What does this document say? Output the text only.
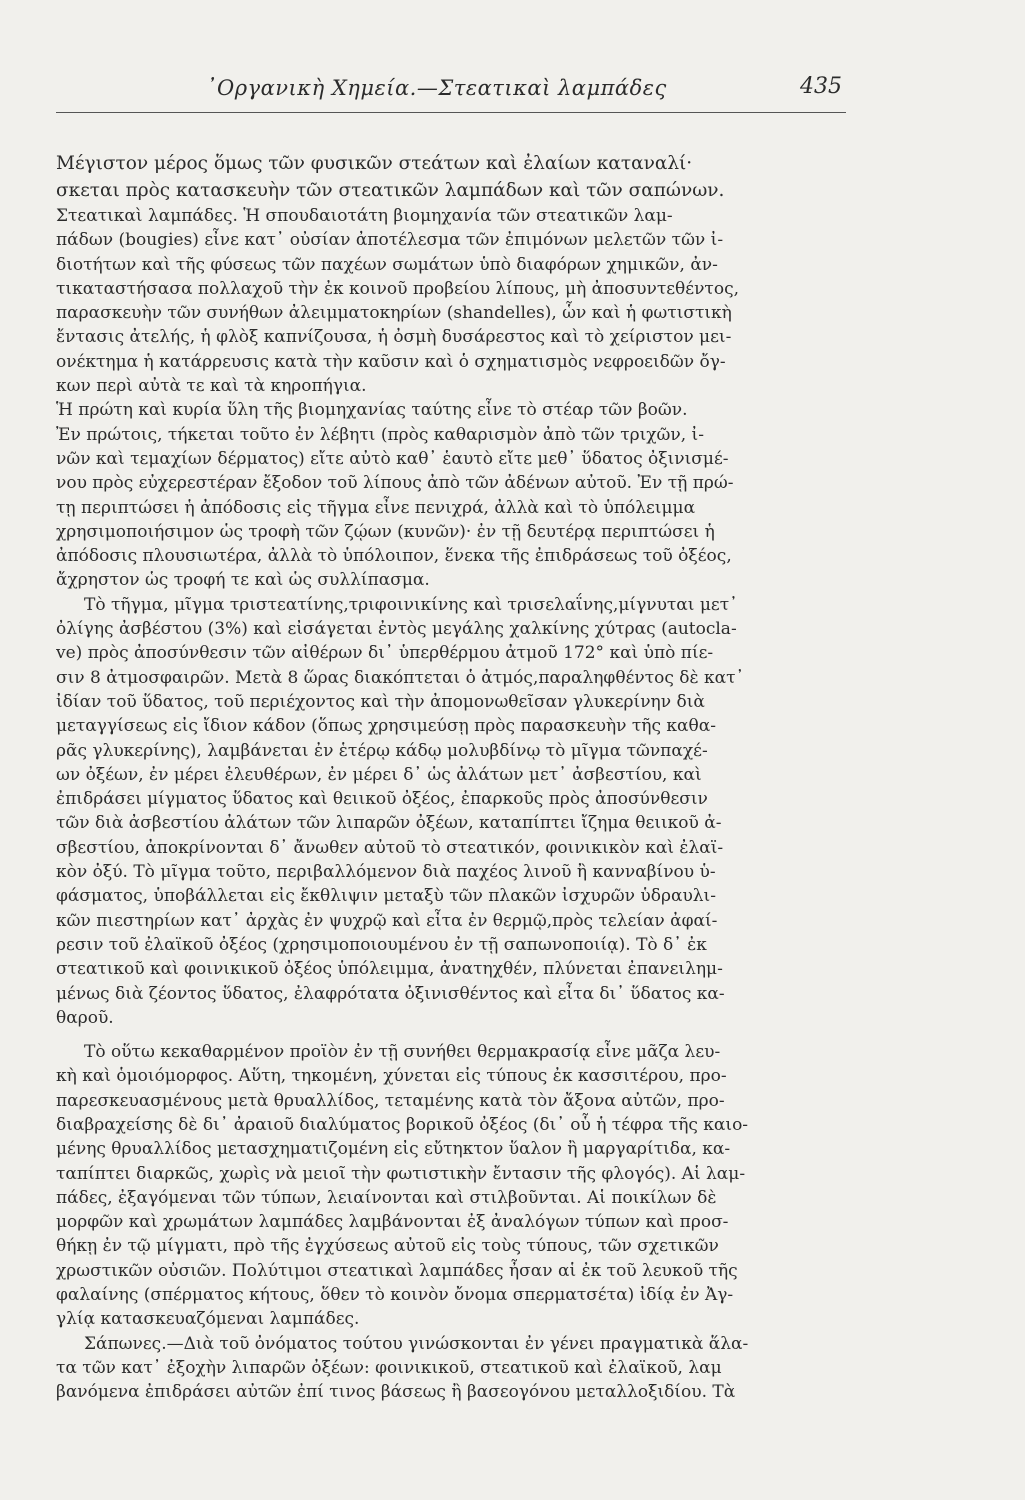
᾿Οργανικὴ Χημεία.—Στεατικαὶ λαμπάδες	435
Μέγιστον μέρος ὅμως τῶν φυσικῶν στεάτων καὶ ἐλαίων καταναλί·
σκεται πρὸς κατασκευὴν τῶν στεατικῶν λαμπάδων καὶ τῶν σαπώνων.
Στεατικαὶ λαμπάδες. Ἡ σπουδαιοτάτη βιομηχανία τῶν στεατικῶν λαμ-
πάδων (bougies) εἶνε κατ᾿ οὐσίαν ἀποτέλεσμα τῶν ἐπιμόνων μελετῶν τῶν ἰ-
διοτήτων καὶ τῆς φύσεως τῶν παχέων σωμάτων ὑπὸ διαφόρων χημικῶν, ἀν-
τικαταστήσασα πολλαχοῦ τὴν ἐκ κοινοῦ προβείου λίπους, μὴ ἀποσυντεθέντος,
παρασκευὴν τῶν συνήθων ἀλειμματοκηρίων (shandelles), ὧν καὶ ἡ φωτιστικὴ
ἔντασις ἀτελής, ἡ φλὸξ καπνίζουσα, ἡ ὀσμὴ δυσάρεστος καὶ τὸ χείριστον μει-
ονέκτημα ἡ κατάρρευσις κατὰ τὴν καῦσιν καὶ ὁ σχηματισμὸς νεφροειδῶν ὄγ-
κων περὶ αὐτὰ τε καὶ τὰ κηροπήγια.
Ἡ πρώτη καὶ κυρία ὕλη τῆς βιομηχανίας ταύτης εἶνε τὸ στέαρ τῶν βοῶν.
Ἐν πρώτοις, τήκεται τοῦτο ἐν λέβητι (πρὸς καθαρισμὸν ἀπὸ τῶν τριχῶν, ἰ-
νῶν καὶ τεμαχίων δέρματος) εἴτε αὐτὸ καθ᾿ ἑαυτὸ εἴτε μεθ᾿ ὕδατος ὀξινισμέ-
νου πρὸς εὐχερεστέραν ἔξοδον τοῦ λίπους ἀπὸ τῶν ἀδένων αὐτοῦ. Ἐν τῇ πρώ-
τῃ περιπτώσει ἡ ἀπόδοσις εἰς τῆγμα εἶνε πενιχρά, ἀλλὰ καὶ τὸ ὑπόλειμμα
χρησιμοποιήσιμον ὡς τροφὴ τῶν ζῴων (κυνῶν)· ἐν τῇ δευτέρᾳ περιπτώσει ἡ
ἀπόδοσις πλουσιωτέρα, ἀλλὰ τὸ ὑπόλοιπον, ἕνεκα τῆς ἐπιδράσεως τοῦ ὀξέος,
ἄχρηστον ὡς τροφή τε καὶ ὡς συλλίπασμα.
Τὸ τῆγμα, μῖγμα τριστεατίνης,τριφοινικίνης καὶ τρισελαΐνης,μίγνυται μετ᾿
ὀλίγης ἀσβέστου (3%) καὶ εἰσάγεται ἐντὸς μεγάλης χαλκίνης χύτρας (autocla-
ve) πρὸς ἀποσύνθεσιν τῶν αἰθέρων δι᾿ ὑπερθέρμου ἀτμοῦ 172° καὶ ὑπὸ πίε-
σιν 8 ἀτμοσφαιρῶν. Μετὰ 8 ὥρας διακόπτεται ὁ ἀτμός,παραληφθέντος δὲ κατ᾿
ἰδίαν τοῦ ὕδατος, τοῦ περιέχοντος καὶ τὴν ἀπομονωθεῖσαν γλυκερίνην διὰ
μεταγγίσεως εἰς ἴδιον κάδον (ὅπως χρησιμεύσῃ πρὸς παρασκευὴν τῆς καθα-
ρᾶς γλυκερίνης), λαμβάνεται ἐν ἑτέρῳ κάδῳ μολυβδίνῳ τὸ μῖγμα τῶνπαχέ-
ων ὀξέων, ἐν μέρει ἐλευθέρων, ἐν μέρει δ᾿ ὡς ἀλάτων μετ᾿ ἀσβεστίου, καὶ
ἐπιδράσει μίγματος ὕδατος καὶ θειικοῦ ὀξέος, ἐπαρκοῦς πρὸς ἀποσύνθεσιν
τῶν διὰ ἀσβεστίου ἀλάτων τῶν λιπαρῶν ὀξέων, καταπίπτει ἴζημα θειικοῦ ἀ-
σβεστίου, ἀποκρίνονται δ᾿ ἄνωθεν αὐτοῦ τὸ στεατικόν, φοινικικὸν καὶ ἐλαϊ-
κὸν ὀξύ. Τὸ μῖγμα τοῦτο, περιβαλλόμενον διὰ παχέος λινοῦ ἢ κανναβίνου ὑ-
φάσματος, ὑποβάλλεται εἰς ἔκθλιψιν μεταξὺ τῶν πλακῶν ἰσχυρῶν ὑδραυλι-
κῶν πιεστηρίων κατ᾿ ἀρχὰς ἐν ψυχρῷ καὶ εἶτα ἐν θερμῷ,πρὸς τελείαν ἀφαί-
ρεσιν τοῦ ἐλαϊκοῦ ὀξέος (χρησιμοποιουμένου ἐν τῇ σαπωνοποιίᾳ). Τὸ δ᾿ ἐκ
στεατικοῦ καὶ φοινικικοῦ ὀξέος ὑπόλειμμα, ἀνατηχθέν, πλύνεται ἐπανειλημ-
μένως διὰ ζέοντος ὕδατος, ἐλαφρότατα ὀξινισθέντος καὶ εἶτα δι᾿ ὕδατος κα-
θαροῦ.
Τὸ οὕτω κεκαθαρμένον προϊὸν ἐν τῇ συνήθει θερμακρασίᾳ εἶνε μᾶζα λευ-
κὴ καὶ ὁμοιόμορφος. Αὕτη, τηκομένη, χύνεται εἰς τύπους ἐκ κασσιτέρου, προ-
παρεσκευασμένους μετὰ θρυαλλίδος, τεταμένης κατὰ τὸν ἄξονα αὐτῶν, προ-
διαβραχείσης δὲ δι᾿ ἀραιοῦ διαλύματος βορικοῦ ὀξέος (δι᾿ οὗ ἡ τέφρα τῆς καιο-
μένης θρυαλλίδος μετασχηματιζομένη εἰς εὔτηκτον ὕαλον ἢ μαργαρίτιδα, κα-
ταπίπτει διαρκῶς, χωρὶς νὰ μειοῖ τὴν φωτιστικὴν ἔντασιν τῆς φλογός). Αἱ λαμ-
πάδες, ἐξαγόμεναι τῶν τύπων, λειαίνονται καὶ στιλβοῦνται. Αἱ ποικίλων δὲ
μορφῶν καὶ χρωμάτων λαμπάδες λαμβάνονται ἐξ ἀναλόγων τύπων καὶ προσ-
θήκῃ ἐν τῷ μίγματι, πρὸ τῆς ἐγχύσεως αὐτοῦ εἰς τοὺς τύπους, τῶν σχετικῶν
χρωστικῶν οὐσιῶν. Πολύτιμοι στεατικαὶ λαμπάδες ἦσαν αἱ ἐκ τοῦ λευκοῦ τῆς
φαλαίνης (σπέρματος κήτους, ὅθεν τὸ κοινὸν ὄνομα σπερματσέτα) ἰδίᾳ ἐν Ἀγ-
γλίᾳ κατασκευαζόμεναι λαμπάδες.
Σάπωνες.—Διὰ τοῦ ὀνόματος τούτου γινώσκονται ἐν γένει πραγματικὰ ἅλα-
τα τῶν κατ᾿ ἐξοχὴν λιπαρῶν ὀξέων: φοινικικοῦ, στεατικοῦ καὶ ἐλαϊκοῦ, λαμ
βανόμενα ἐπιδράσει αὐτῶν ἐπί τινος βάσεως ἢ βασεογόνου μεταλλοξιδίου. Τὰ
